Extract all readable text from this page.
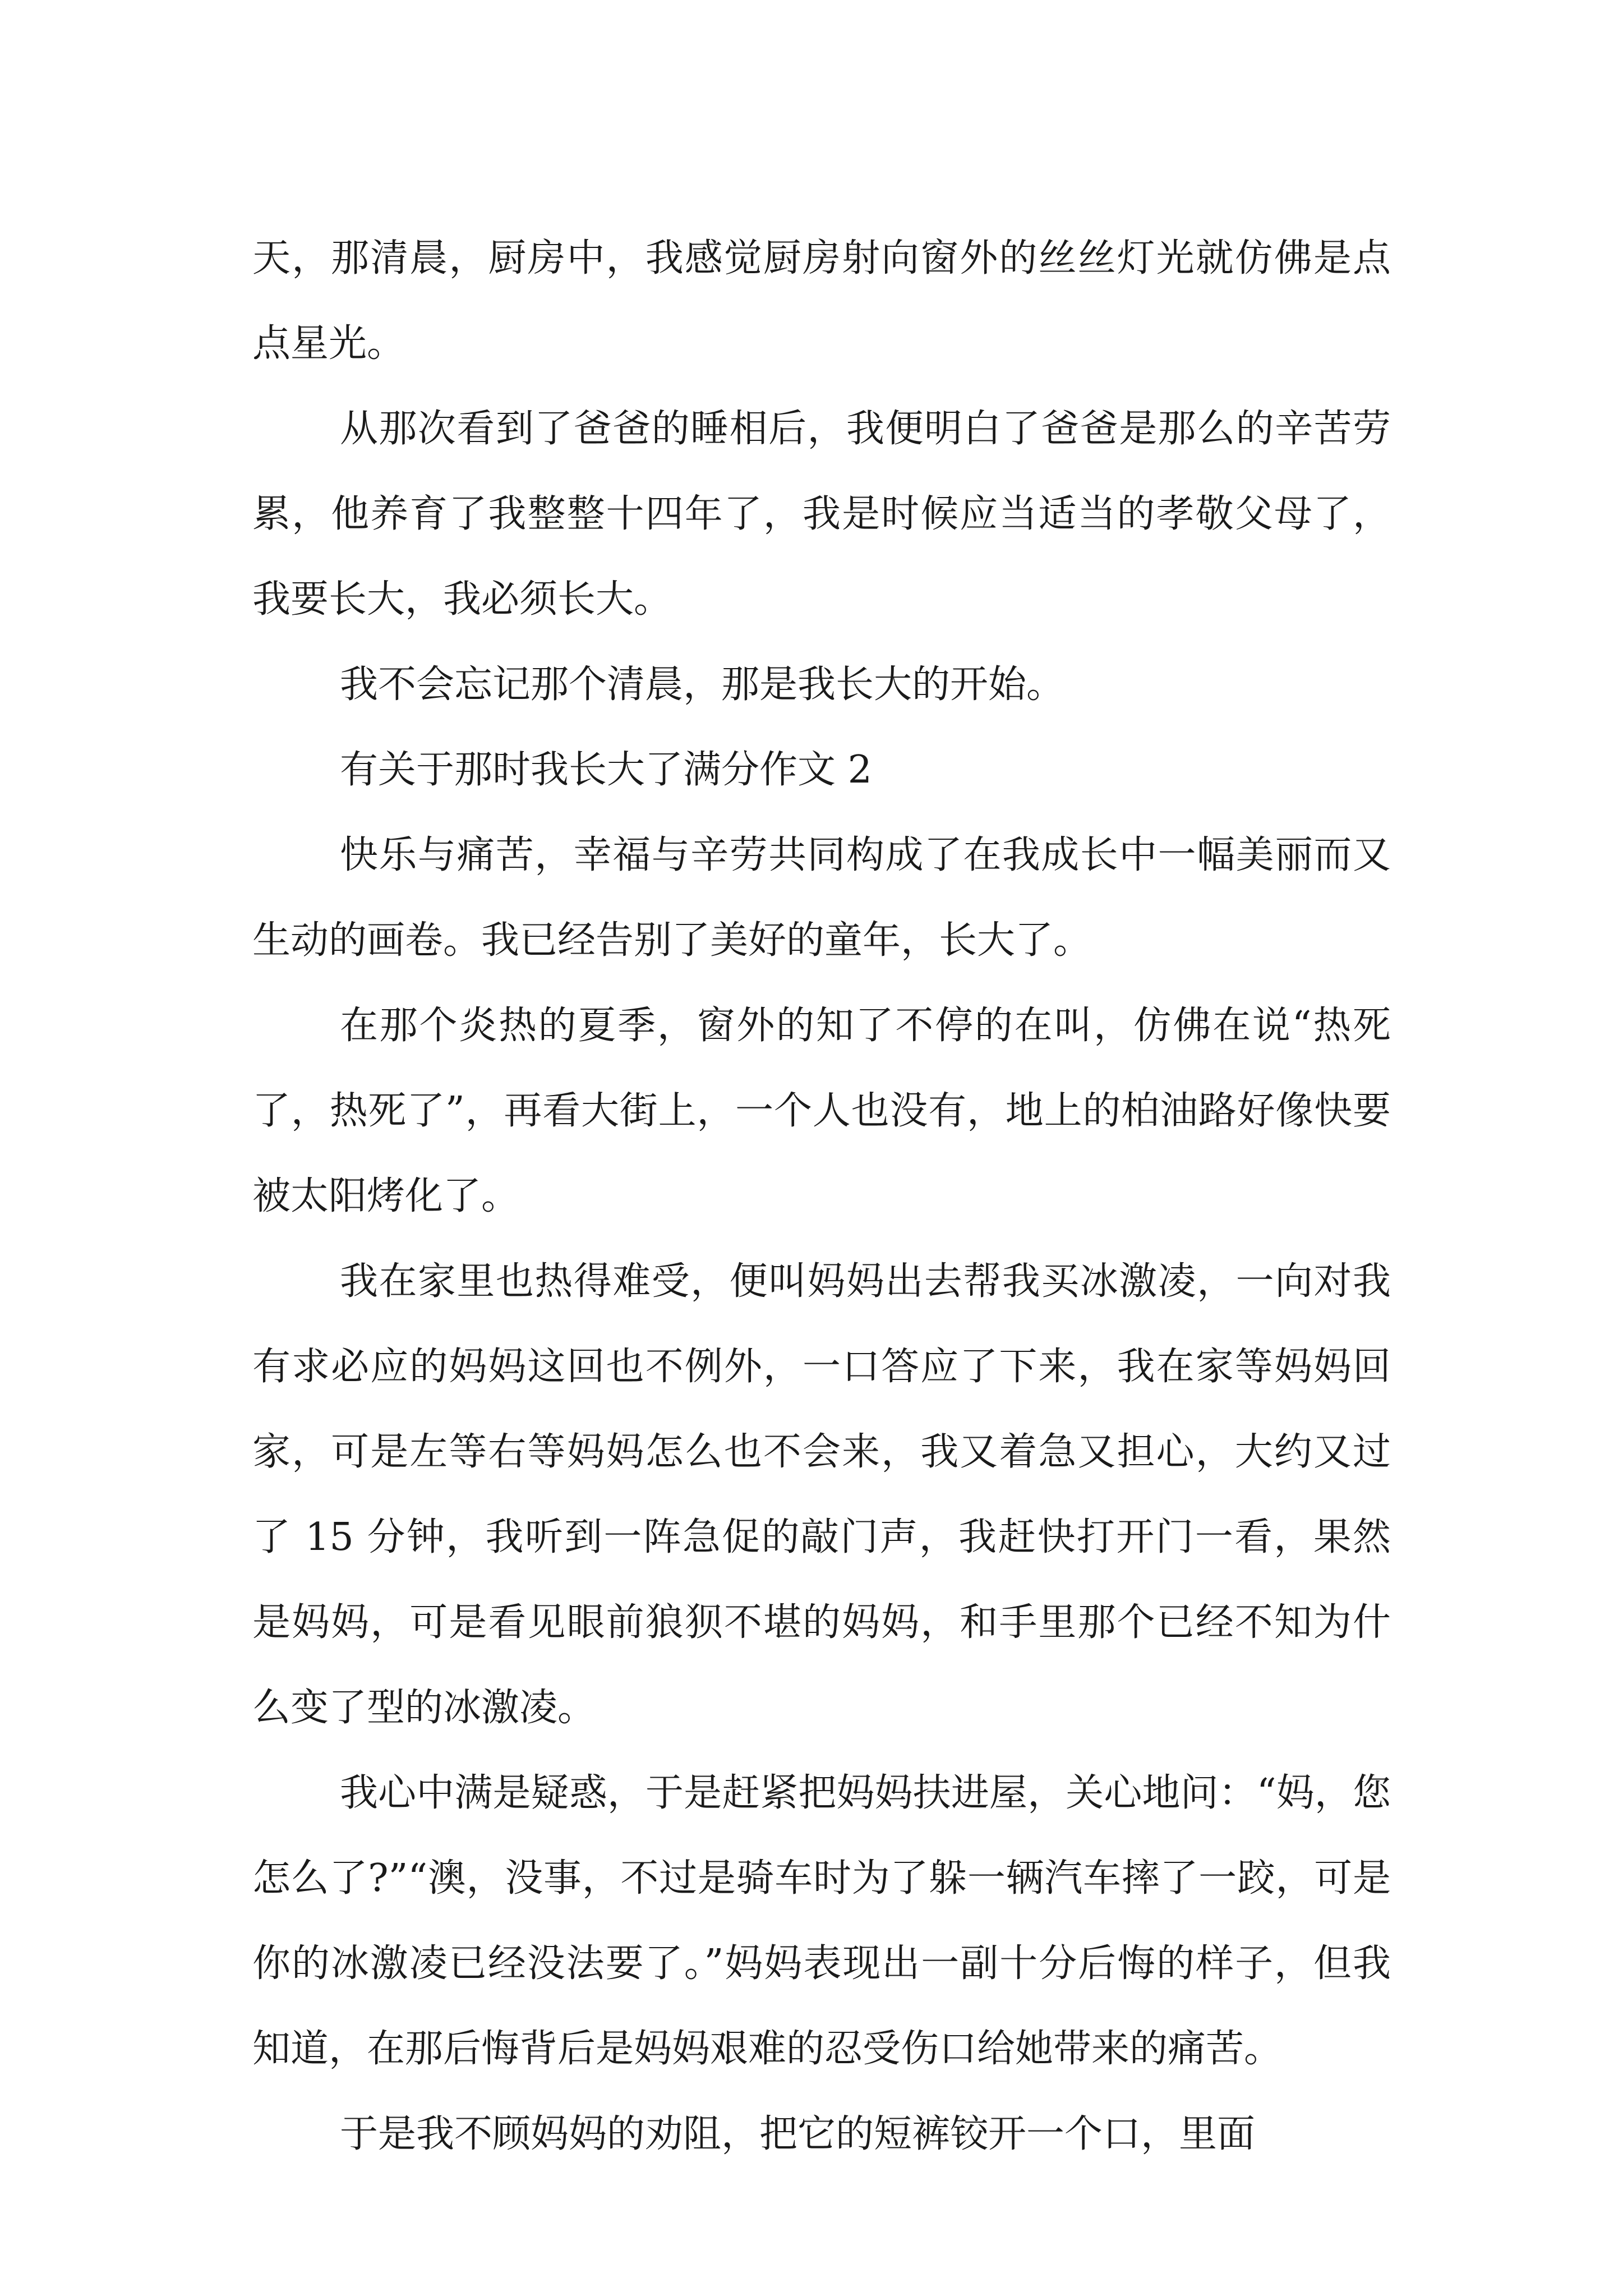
天，那清晨，厨房中，我感觉厨房射向窗外的丝丝灯光就仿佛是点点星光。

从那次看到了爸爸的睡相后，我便明白了爸爸是那么的辛苦劳累，他养育了我整整十四年了，我是时候应当适当的孝敬父母了，我要长大，我必须长大。

我不会忘记那个清晨，那是我长大的开始。

有关于那时我长大了满分作文 2

快乐与痛苦，幸福与辛劳共同构成了在我成长中一幅美丽而又生动的画卷。我已经告别了美好的童年，长大了。

在那个炎热的夏季，窗外的知了不停的在叫，仿佛在说“热死了，热死了”，再看大街上，一个人也没有，地上的柏油路好像快要被太阳烤化了。

我在家里也热得难受，便叫妈妈出去帮我买冰激凌，一向对我有求必应的妈妈这回也不例外，一口答应了下来，我在家等妈妈回家，可是左等右等妈妈怎么也不会来，我又着急又担心，大约又过了 15 分钟，我听到一阵急促的敲门声，我赶快打开门一看，果然是妈妈，可是看见眼前狼狈不堪的妈妈，和手里那个已经不知为什么变了型的冰激凌。

我心中满是疑惑，于是赶紧把妈妈扶进屋，关心地问：“妈，您怎么了?”“澳，没事，不过是骑车时为了躲一辆汽车摔了一跤，可是你的冰激凌已经没法要了。”妈妈表现出一副十分后悔的样子，但我知道，在那后悔背后是妈妈艰难的忍受伤口给她带来的痛苦。

于是我不顾妈妈的劝阻，把它的短裤铰开一个口，里面
